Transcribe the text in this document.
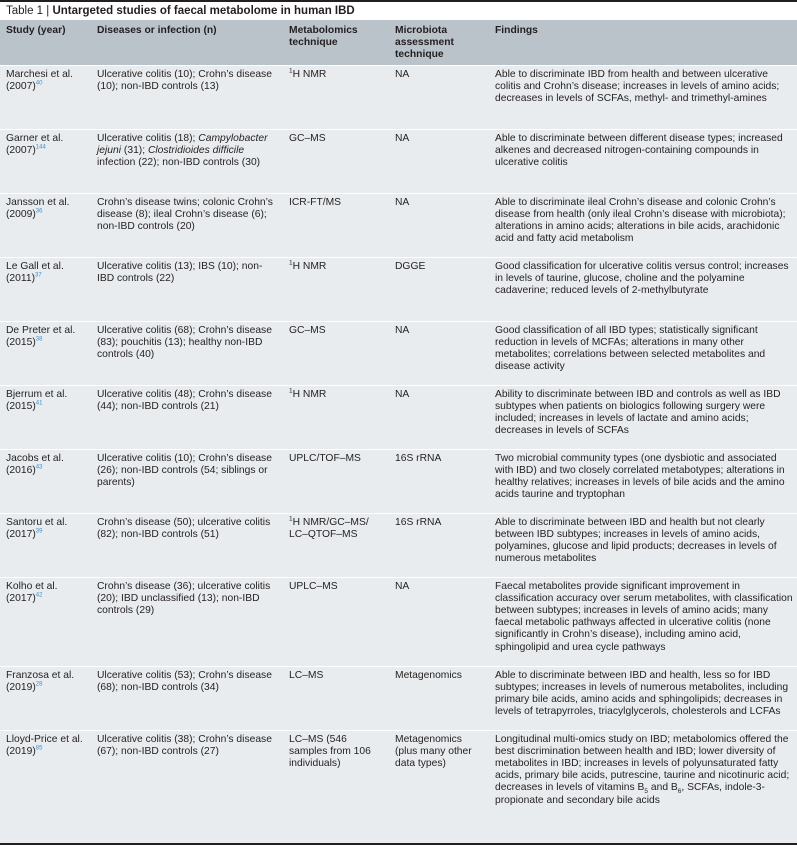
Table 1 | Untargeted studies of faecal metabolome in human IBD
Study (year)	Diseases or infection (n)	Metabolomics technique	Microbiota assessment technique	Findings
Marchesi et al. (2007)$^{40}$	Ulcerative colitis (10); Crohn’s disease (10); non-IBD controls (13)	$^1$H NMR	NA	Able to discriminate IBD from health and between ulcerative colitis and Crohn’s disease; increases in levels of amino acids; decreases in levels of SCFAs, methyl- and trimethyl-amines
Garner et al. (2007)$^{144}$	Ulcerative colitis (18); Campylobacter jejuni (31); Clostridioides difficile infection (22); non-IBD controls (30)	GC–MS	NA	Able to discriminate between different disease types; increased alkenes and decreased nitrogen-containing compounds in ulcerative colitis
Jansson et al. (2009)$^{36}$	Crohn’s disease twins; colonic Crohn’s disease (8); ileal Crohn’s disease (6); non-IBD controls (20)	ICR-FT/MS	NA	Able to discriminate ileal Crohn’s disease and colonic Crohn’s disease from health (only ileal Crohn’s disease with microbiota); alterations in amino acids; alterations in bile acids, arachidonic acid and fatty acid metabolism
Le Gall et al. (2011)$^{37}$	Ulcerative colitis (13); IBS (10); non-IBD controls (22)	$^1$H NMR	DGGE	Good classification for ulcerative colitis versus control; increases in levels of taurine, glucose, choline and the polyamine cadaverine; reduced levels of 2-methylbutyrate
De Preter et al. (2015)$^{38}$	Ulcerative colitis (68); Crohn’s disease (83); pouchitis (13); healthy non-IBD controls (40)	GC–MS	NA	Good classification of all IBD types; statistically significant reduction in levels of MCFAs; alterations in many other metabolites; correlations between selected metabolites and disease activity
Bjerrum et al. (2015)$^{41}$	Ulcerative colitis (48); Crohn’s disease (44); non-IBD controls (21)	$^1$H NMR	NA	Ability to discriminate between IBD and controls as well as IBD subtypes when patients on biologics following surgery were included; increases in levels of lactate and amino acids; decreases in levels of SCFAs
Jacobs et al. (2016)$^{43}$	Ulcerative colitis (10); Crohn’s disease (26); non-IBD controls (54; siblings or parents)	UPLC/TOF–MS	16S rRNA	Two microbial community types (one dysbiotic and associated with IBD) and two closely correlated metabotypes; alterations in healthy relatives; increases in levels of bile acids and the amino acids taurine and tryptophan
Santoru et al. (2017)$^{39}$	Crohn’s disease (50); ulcerative colitis (82); non-IBD controls (51)	$^1$H NMR/GC–MS/ LC–QTOF–MS	16S rRNA	Able to discriminate between IBD and health but not clearly between IBD subtypes; increases in levels of amino acids, polyamines, glucose and lipid products; decreases in levels of numerous metabolites
Kolho et al. (2017)$^{42}$	Crohn’s disease (36); ulcerative colitis (20); IBD unclassified (13); non-IBD controls (29)	UPLC–MS	NA	Faecal metabolites provide significant improvement in classification accuracy over serum metabolites, with classification between subtypes; increases in levels of amino acids; many faecal metabolic pathways affected in ulcerative colitis (none significantly in Crohn’s disease), including amino acid, sphingolipid and urea cycle pathways
Franzosa et al. (2019)$^{28}$	Ulcerative colitis (53); Crohn’s disease (68); non-IBD controls (34)	LC–MS	Metagenomics	Able to discriminate between IBD and health, less so for IBD subtypes; increases in levels of numerous metabolites, including primary bile acids, amino acids and sphingolipids; decreases in levels of tetrapyrroles, triacylglycerols, cholesterols and LCFAs
Lloyd-Price et al. (2019)$^{85}$	Ulcerative colitis (38); Crohn’s disease (67); non-IBD controls (27)	LC–MS (546 samples from 106 individuals)	Metagenomics (plus many other data types)	Longitudinal multi-omics study on IBD; metabolomics offered the best discrimination between health and IBD; lower diversity of metabolites in IBD; increases in levels of polyunsaturated fatty acids, primary bile acids, putrescine, taurine and nicotinuric acid; decreases in levels of vitamins $B_5$ and $B_6$, SCFAs, indole-3-propionate and secondary bile acids
